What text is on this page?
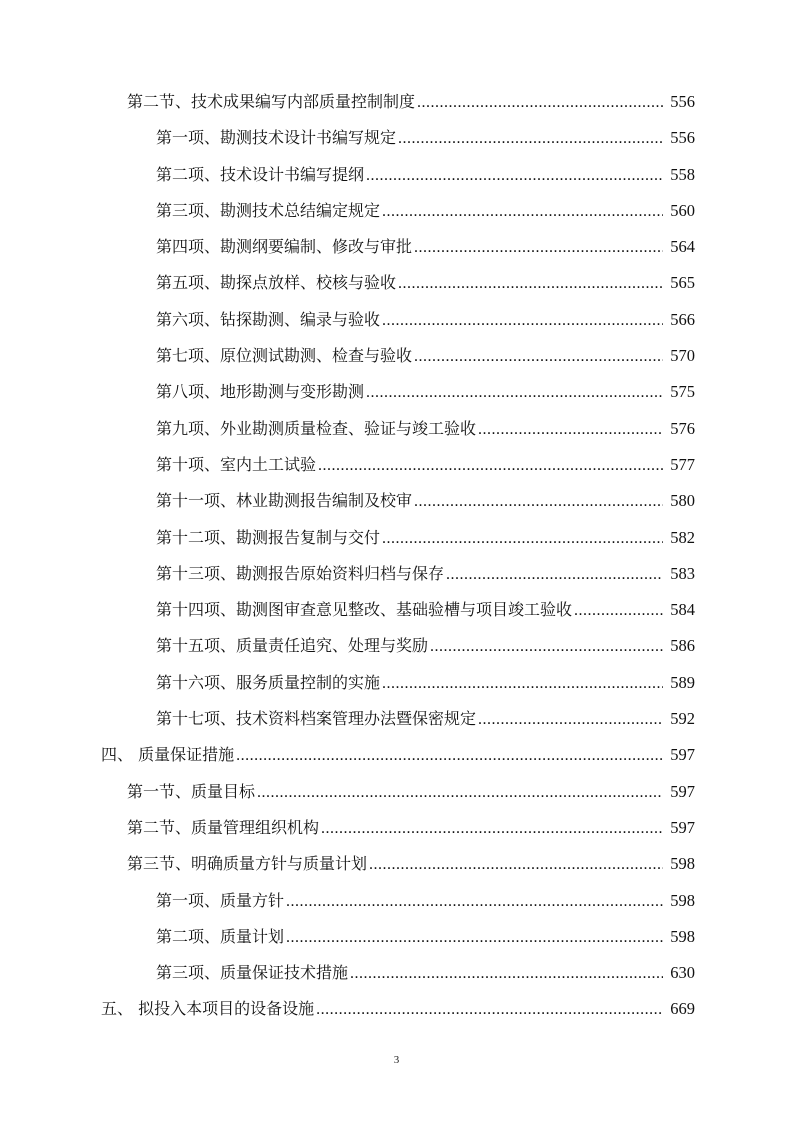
第二节、技术成果编写内部质量控制制度 .....	556
第一项、勘测技术设计书编写规定 .....	556
第二项、技术设计书编写提纲 .....	558
第三项、勘测技术总结编定规定 .....	560
第四项、勘测纲要编制、修改与审批 .....	564
第五项、勘探点放样、校核与验收 .....	565
第六项、钻探勘测、编录与验收 .....	566
第七项、原位测试勘测、检查与验收 .....	570
第八项、地形勘测与变形勘测 .....	575
第九项、外业勘测质量检查、验证与竣工验收 .....	576
第十项、室内土工试验 .....	577
第十一项、林业勘测报告编制及校审 .....	580
第十二项、勘测报告复制与交付 .....	582
第十三项、勘测报告原始资料归档与保存 .....	583
第十四项、勘测图审查意见整改、基础验槽与项目竣工验收 .....	584
第十五项、质量责任追究、处理与奖励 .....	586
第十六项、服务质量控制的实施 .....	589
第十七项、技术资料档案管理办法暨保密规定 .....	592
四、 质量保证措施 .....	597
第一节、质量目标 .....	597
第二节、质量管理组织机构 .....	597
第三节、明确质量方针与质量计划 .....	598
第一项、质量方针 .....	598
第二项、质量计划 .....	598
第三项、质量保证技术措施 .....	630
五、 拟投入本项目的设备设施 .....	669
3
